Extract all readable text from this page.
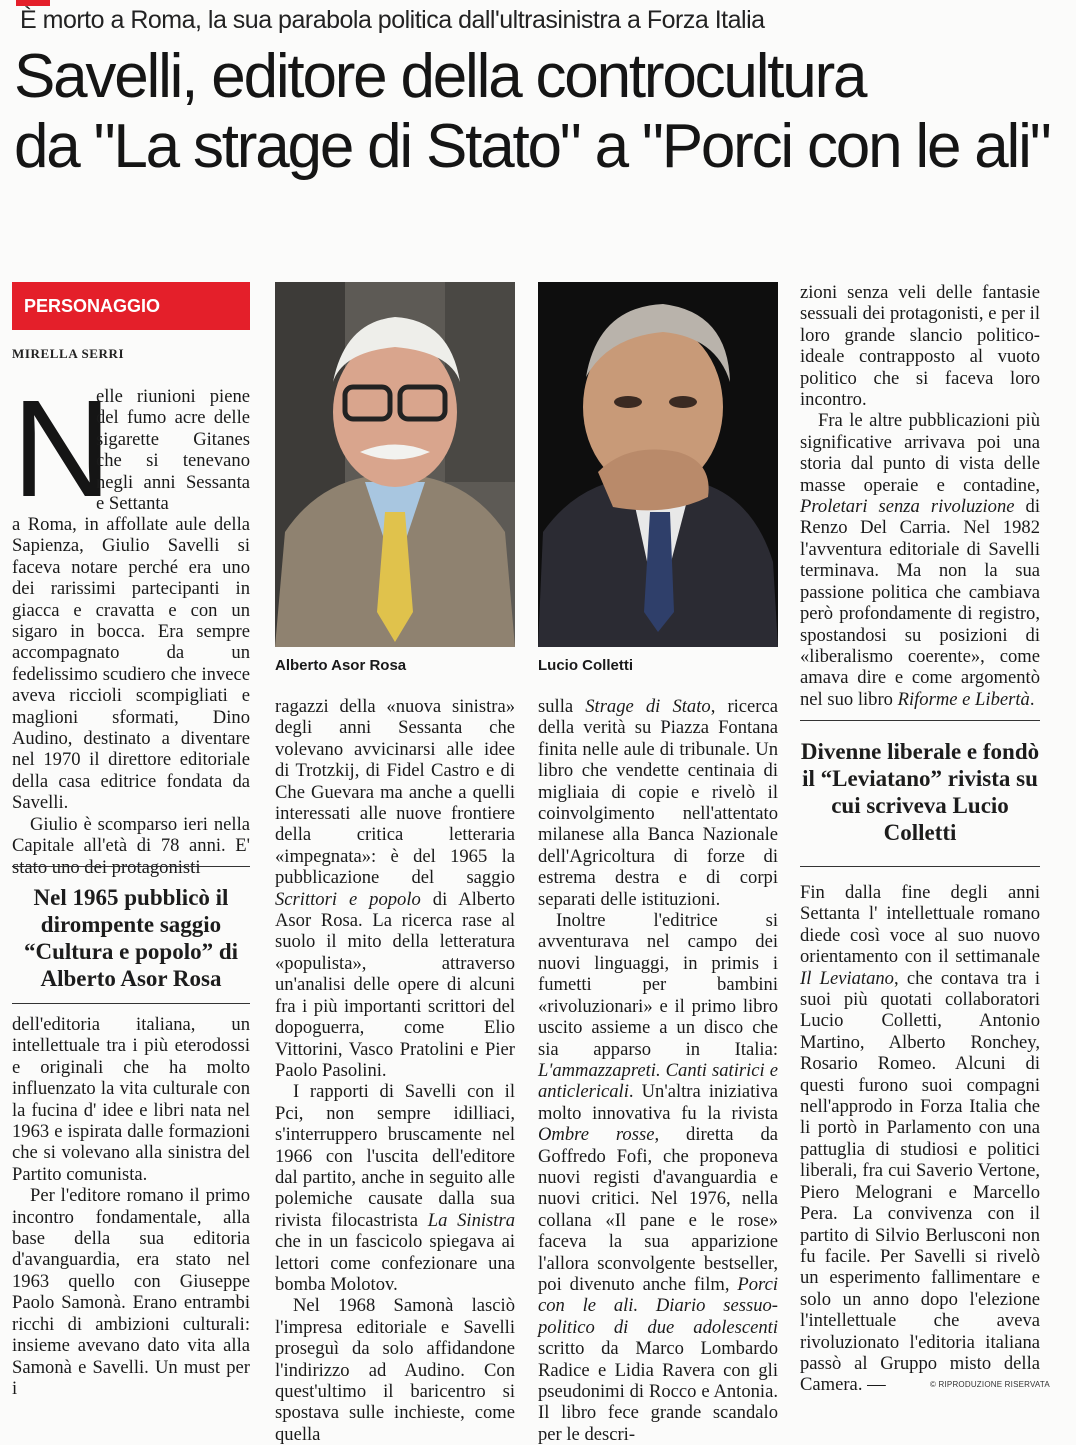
È morto a Roma, la sua parabola politica dall'ultrasinistra a Forza Italia
Savelli, editore della controcultura
da "La strage di Stato" a "Porci con le ali"
PERSONAGGIO
MIRELLA SERRI
N

elle riunioni piene del fumo acre delle sigarette Gitanes che si tenevano negli anni Sessanta e Settanta

a Roma, in affollate aule della Sapienza, Giulio Savelli si faceva notare perché era uno dei rarissimi partecipanti in giacca e cravatta e con un sigaro in bocca. Era sempre accompagnato da un fedelissimo scudiero che invece aveva riccioli scompigliati e maglioni sformati, Dino Audino, destinato a diventare nel 1970 il direttore editoriale della casa editrice fondata da Savelli.

Giulio è scomparso ieri nella Capitale all'età di 78 anni. E' stato uno dei protagonisti

Nel 1965 pubblicò il dirompente saggio “Cultura e popolo” di Alberto Asor Rosa

dell'editoria italiana, un intellettuale tra i più eterodossi e originali che ha molto influenzato la vita culturale con la fucina d' idee e libri nata nel 1963 e ispirata dalle formazioni che si volevano alla sinistra del Partito comunista.

Per l'editore romano il primo incontro fondamentale, alla base della sua editoria d'avanguardia, era stato nel 1963 quello con Giuseppe Paolo Samonà. Erano entrambi ricchi di ambizioni culturali: insieme avevano dato vita alla Samonà e Savelli. Un must per i

Alberto Asor Rosa	Lucio Colletti

ragazzi della «nuova sinistra» degli anni Sessanta che volevano avvicinarsi alle idee di Trotzkij, di Fidel Castro e di Che Guevara ma anche a quelli interessati alle nuove frontiere della critica letteraria «impegnata»: è del 1965 la pubblicazione del saggio Scrittori e popolo di Alberto Asor Rosa. La ricerca rase al suolo il mito della letteratura «populista», attraverso un'analisi delle opere di alcuni fra i più importanti scrittori del dopoguerra, come Elio Vittorini, Vasco Pratolini e Pier Paolo Pasolini.

I rapporti di Savelli con il Pci, non sempre idilliaci, s'interruppero bruscamente nel 1966 con l'uscita dell'editore dal partito, anche in seguito alle polemiche causate dalla sua rivista filocastrista La Sinistra che in un fascicolo spiegava ai lettori come confezionare una bomba Molotov.

Nel 1968 Samonà lasciò l'impresa editoriale e Savelli proseguì da solo affidandone l'indirizzo ad Audino. Con quest'ultimo il baricentro si spostava sulle inchieste, come quella

sulla Strage di Stato, ricerca della verità su Piazza Fontana finita nelle aule di tribunale. Un libro che vendette centinaia di migliaia di copie e rivelò il coinvolgimento nell'attentato milanese alla Banca Nazionale dell'Agricoltura di forze di estrema destra e di corpi separati delle istituzioni.

Inoltre l'editrice si avventurava nel campo dei nuovi linguaggi, in primis i fumetti per bambini «rivoluzionari» e il primo libro uscito assieme a un disco che sia apparso in Italia: L'ammazzapreti. Canti satirici e anticlericali. Un'altra iniziativa molto innovativa fu la rivista Ombre rosse, diretta da Goffredo Fofi, che proponeva nuovi registi d'avanguardia e nuovi critici. Nel 1976, nella collana «Il pane e le rose» faceva la sua apparizione l'allora sconvolgente bestseller, poi divenuto anche film, Porci con le ali. Diario sessuo-politico di due adolescenti scritto da Marco Lombardo Radice e Lidia Ravera con gli pseudonimi di Rocco e Antonia. Il libro fece grande scandalo per le descri-

zioni senza veli delle fantasie sessuali dei protagonisti, e per il loro grande slancio politico-ideale contrapposto al vuoto politico che si faceva loro incontro.

Fra le altre pubblicazioni più significative arrivava poi una storia dal punto di vista delle masse operaie e contadine, Proletari senza rivoluzione di Renzo Del Carria. Nel 1982 l'avventura editoriale di Savelli terminava. Ma non la sua passione politica che cambiava però profondamente di registro, spostandosi su posizioni di «liberalismo coerente», come amava dire e come argomentò nel suo libro Riforme e Libertà.

Divenne liberale e fondò il “Leviatano” rivista su cui scriveva Lucio Colletti

Fin dalla fine degli anni Settanta l' intellettuale romano diede così voce al suo nuovo orientamento con il settimanale Il Leviatano, che contava tra i suoi più quotati collaboratori Lucio Colletti, Antonio Martino, Alberto Ronchey, Rosario Romeo. Alcuni di questi furono suoi compagni nell'approdo in Forza Italia che li portò in Parlamento con una pattuglia di studiosi e politici liberali, fra cui Saverio Vertone, Piero Melograni e Marcello Pera. La convivenza con il partito di Silvio Berlusconi non fu facile. Per Savelli si rivelò un esperimento fallimentare e solo un anno dopo l'elezione l'intellettuale che aveva rivoluzionato l'editoria italiana passò al Gruppo misto della Camera. —	© RIPRODUZIONE RISERVATA
